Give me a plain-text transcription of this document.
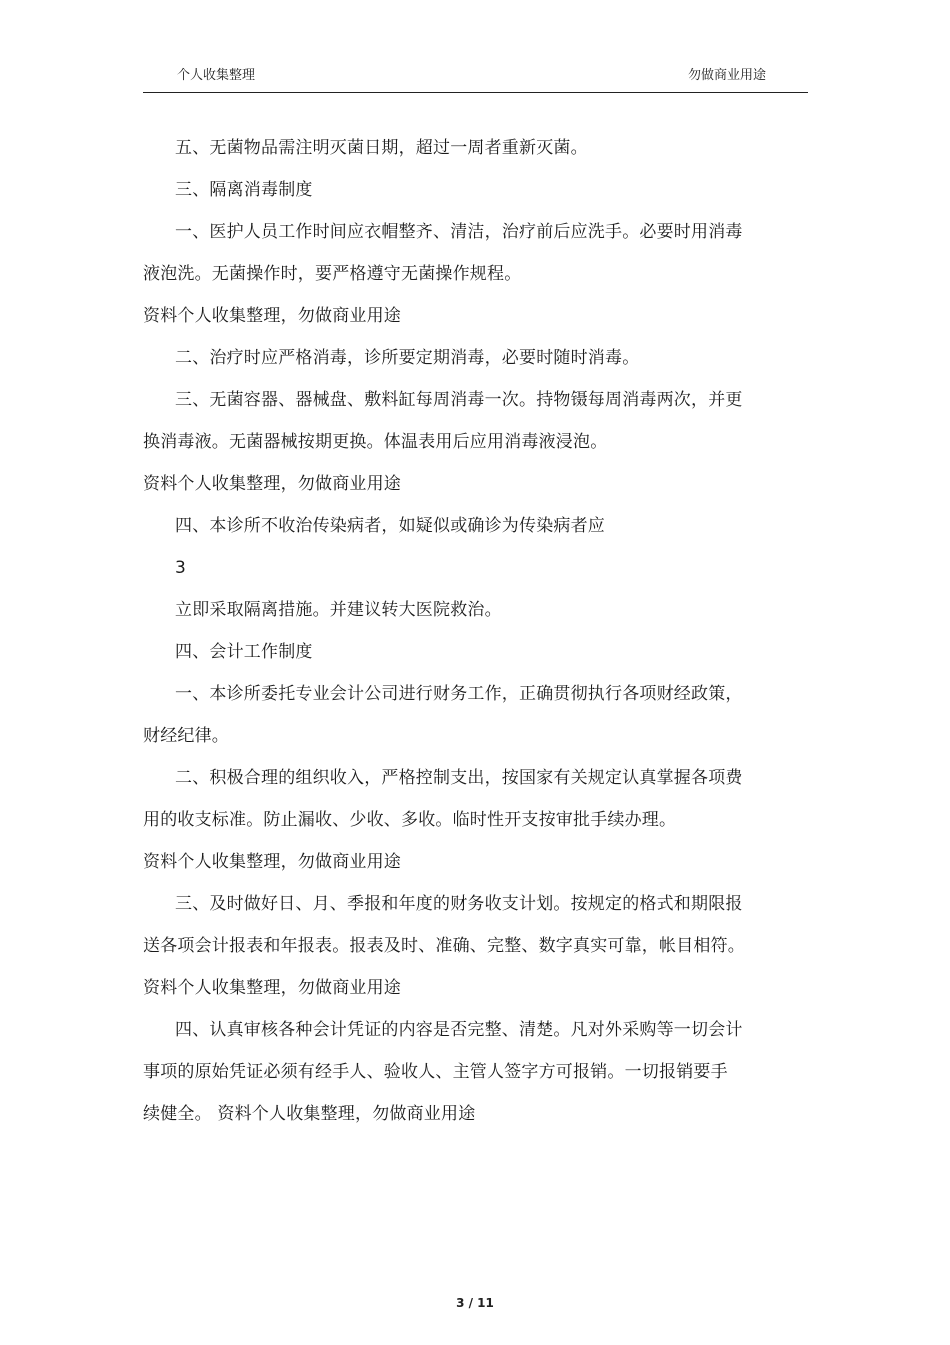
个人收集整理	勿做商业用途
五、无菌物品需注明灭菌日期，超过一周者重新灭菌。
三、隔离消毒制度
一、医护人员工作时间应衣帽整齐、清洁，治疗前后应洗手。必要时用消毒
液泡洗。无菌操作时，要严格遵守无菌操作规程。
资料个人收集整理，勿做商业用途
二、治疗时应严格消毒，诊所要定期消毒，必要时随时消毒。
三、无菌容器、器械盘、敷料缸每周消毒一次。持物镊每周消毒两次，并更
换消毒液。无菌器械按期更换。体温表用后应用消毒液浸泡。
资料个人收集整理，勿做商业用途
四、本诊所不收治传染病者，如疑似或确诊为传染病者应
3
立即采取隔离措施。并建议转大医院救治。
四、会计工作制度
一、本诊所委托专业会计公司进行财务工作，正确贯彻执行各项财经政策，
财经纪律。
二、积极合理的组织收入，严格控制支出，按国家有关规定认真掌握各项费
用的收支标准。防止漏收、少收、多收。临时性开支按审批手续办理。
资料个人收集整理，勿做商业用途
三、及时做好日、月、季报和年度的财务收支计划。按规定的格式和期限报
送各项会计报表和年报表。报表及时、准确、完整、数字真实可靠，帐目相符。
资料个人收集整理，勿做商业用途
四、认真审核各种会计凭证的内容是否完整、清楚。凡对外采购等一切会计
事项的原始凭证必须有经手人、验收人、主管人签字方可报销。一切报销要手
续健全。 资料个人收集整理，勿做商业用途
3 / 11
